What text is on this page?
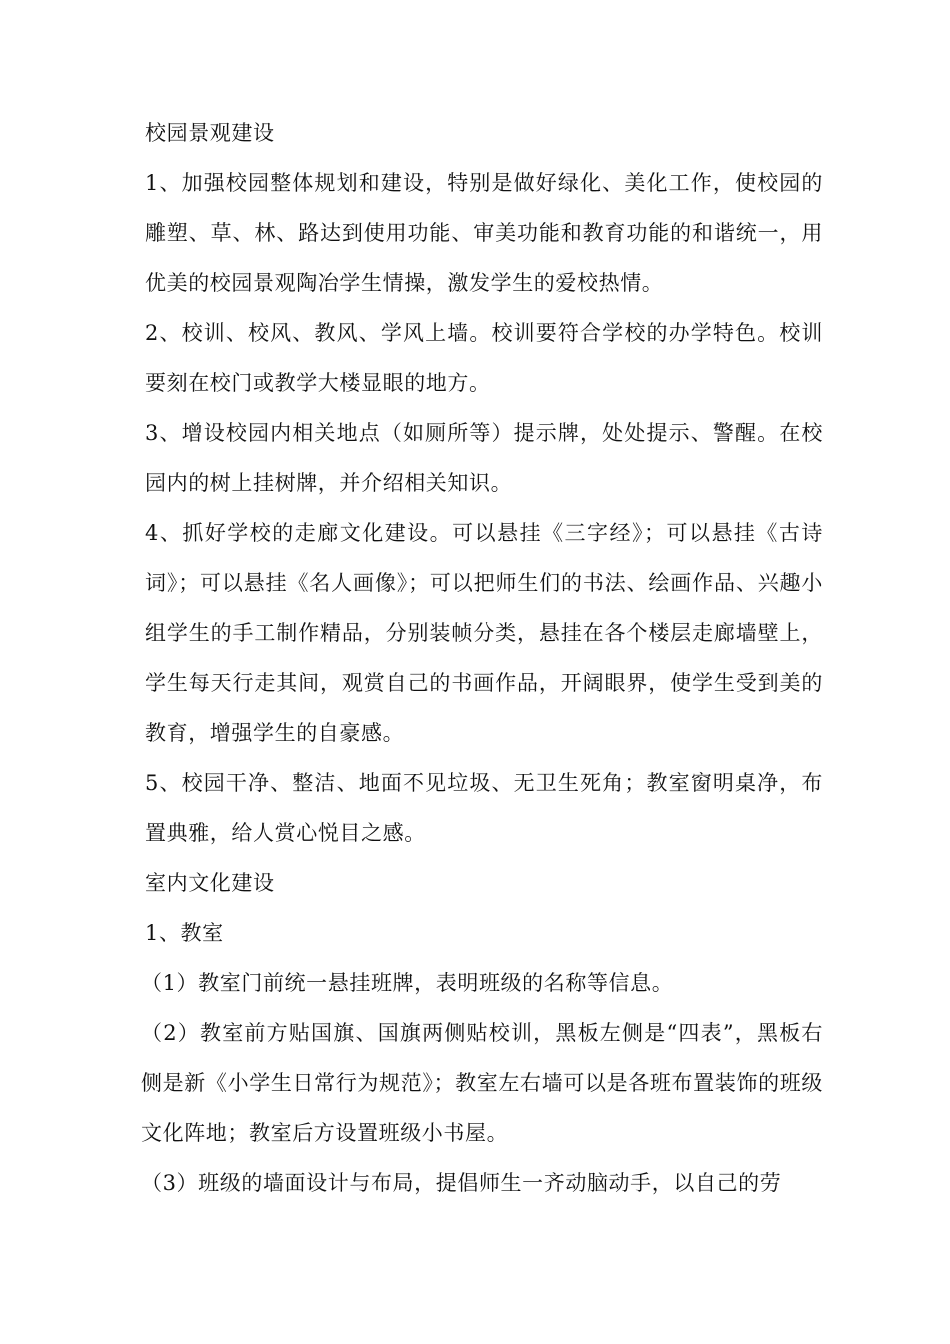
校园景观建设

1、加强校园整体规划和建设，特别是做好绿化、美化工作，使校园的雕塑、草、林、路达到使用功能、审美功能和教育功能的和谐统一，用优美的校园景观陶冶学生情操，激发学生的爱校热情。

2、校训、校风、教风、学风上墙。校训要符合学校的办学特色。校训要刻在校门或教学大楼显眼的地方。

3、增设校园内相关地点（如厕所等）提示牌，处处提示、警醒。在校园内的树上挂树牌，并介绍相关知识。

4、抓好学校的走廊文化建设。可以悬挂《三字经》；可以悬挂《古诗词》；可以悬挂《名人画像》；可以把师生们的书法、绘画作品、兴趣小组学生的手工制作精品，分别装帧分类，悬挂在各个楼层走廊墙壁上，学生每天行走其间，观赏自己的书画作品，开阔眼界，使学生受到美的教育，增强学生的自豪感。

5、校园干净、整洁、地面不见垃圾、无卫生死角；教室窗明桌净，布置典雅，给人赏心悦目之感。

室内文化建设

1、教室

（1）教室门前统一悬挂班牌，表明班级的名称等信息。

（2）教室前方贴国旗、国旗两侧贴校训，黑板左侧是“四表”，黑板右侧是新《小学生日常行为规范》；教室左右墙可以是各班布置装饰的班级文化阵地；教室后方设置班级小书屋。

（3）班级的墙面设计与布局，提倡师生一齐动脑动手，以自己的劳
